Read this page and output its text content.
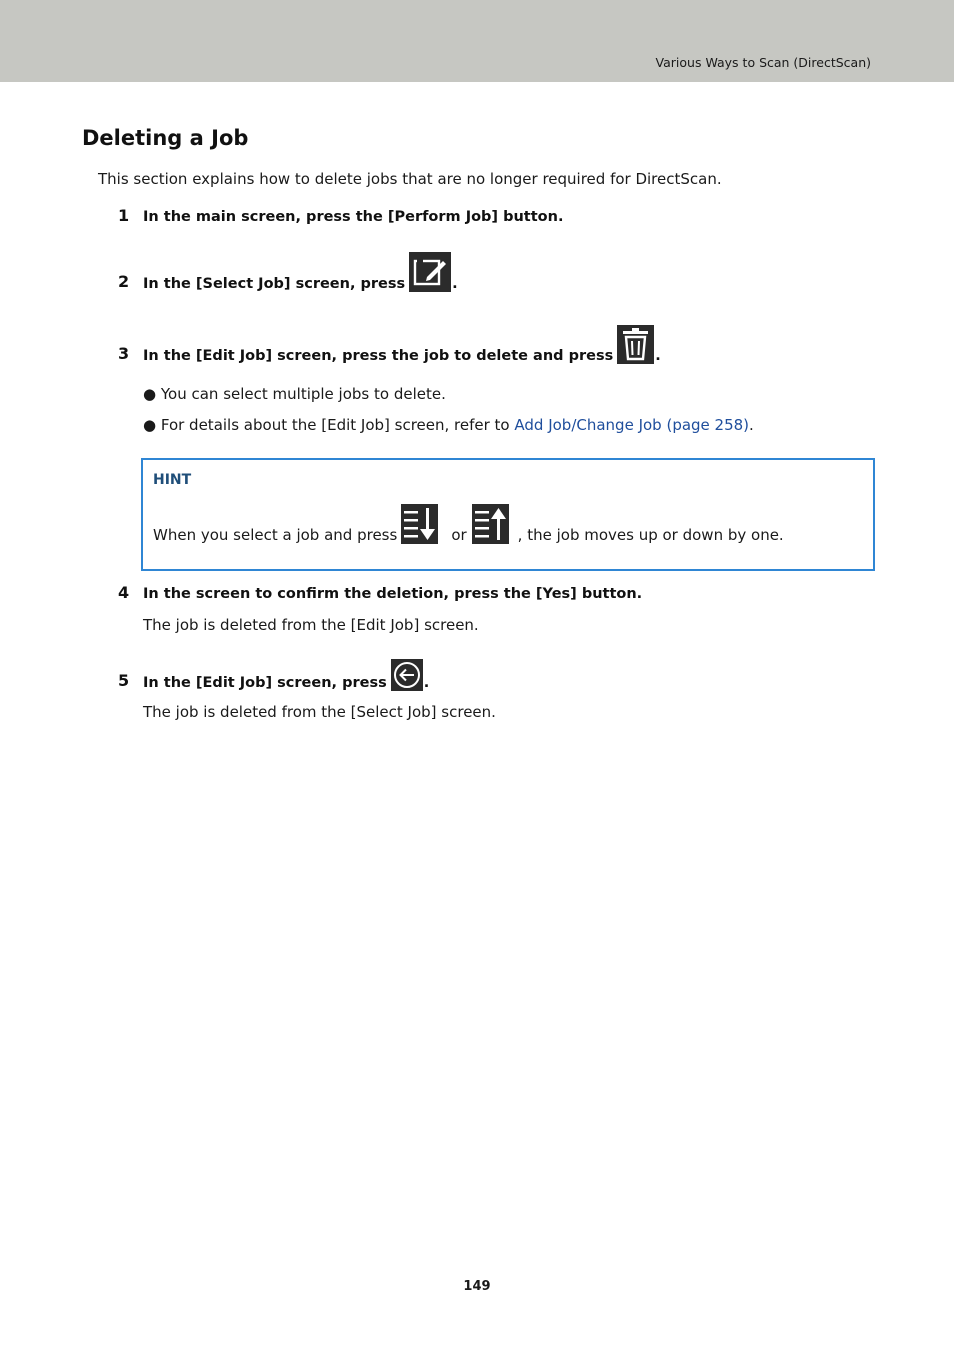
Various Ways to Scan (DirectScan)
Deleting a Job
This section explains how to delete jobs that are no longer required for DirectScan.
1 In the main screen, press the [Perform Job] button.
2 In the [Select Job] screen, press	.
3 In the [Edit Job] screen, press the job to delete and press	.
● You can select multiple jobs to delete.
● For details about the [Edit Job] screen, refer to Add Job/Change Job (page 258).
HINT
When you select a job and press	or	, the job moves up or down by one.
4 In the screen to confirm the deletion, press the [Yes] button.
The job is deleted from the [Edit Job] screen.
5 In the [Edit Job] screen, press	.
The job is deleted from the [Select Job] screen.
149
